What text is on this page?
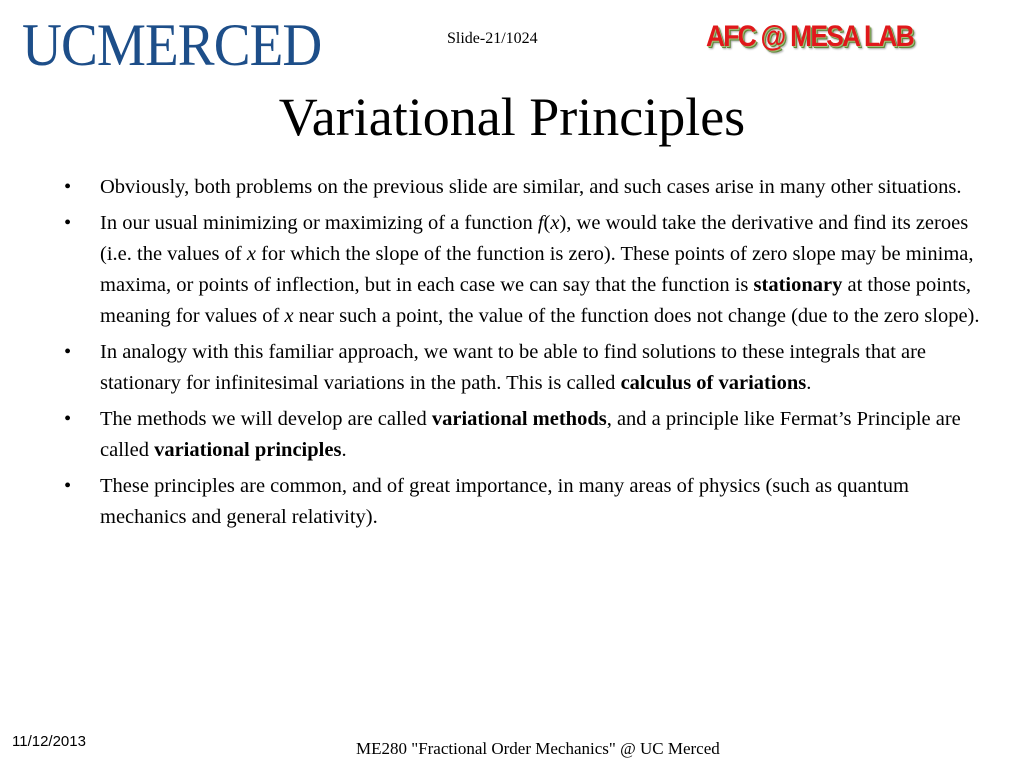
UCMERCED	Slide-21/1024	AFC @ MESA LAB
Variational Principles
• Obviously, both problems on the previous slide are similar, and such cases arise in many other situations.
• In our usual minimizing or maximizing of a function f(x), we would take the derivative and find its zeroes (i.e. the values of x for which the slope of the function is zero). These points of zero slope may be minima, maxima, or points of inflection, but in each case we can say that the function is stationary at those points, meaning for values of x near such a point, the value of the function does not change (due to the zero slope).
• In analogy with this familiar approach, we want to be able to find solutions to these integrals that are stationary for infinitesimal variations in the path. This is called calculus of variations.
• The methods we will develop are called variational methods, and a principle like Fermat’s Principle are called variational principles.
• These principles are common, and of great importance, in many areas of physics (such as quantum mechanics and general relativity).
11/12/2013	ME280 "Fractional Order Mechanics" @ UC Merced
